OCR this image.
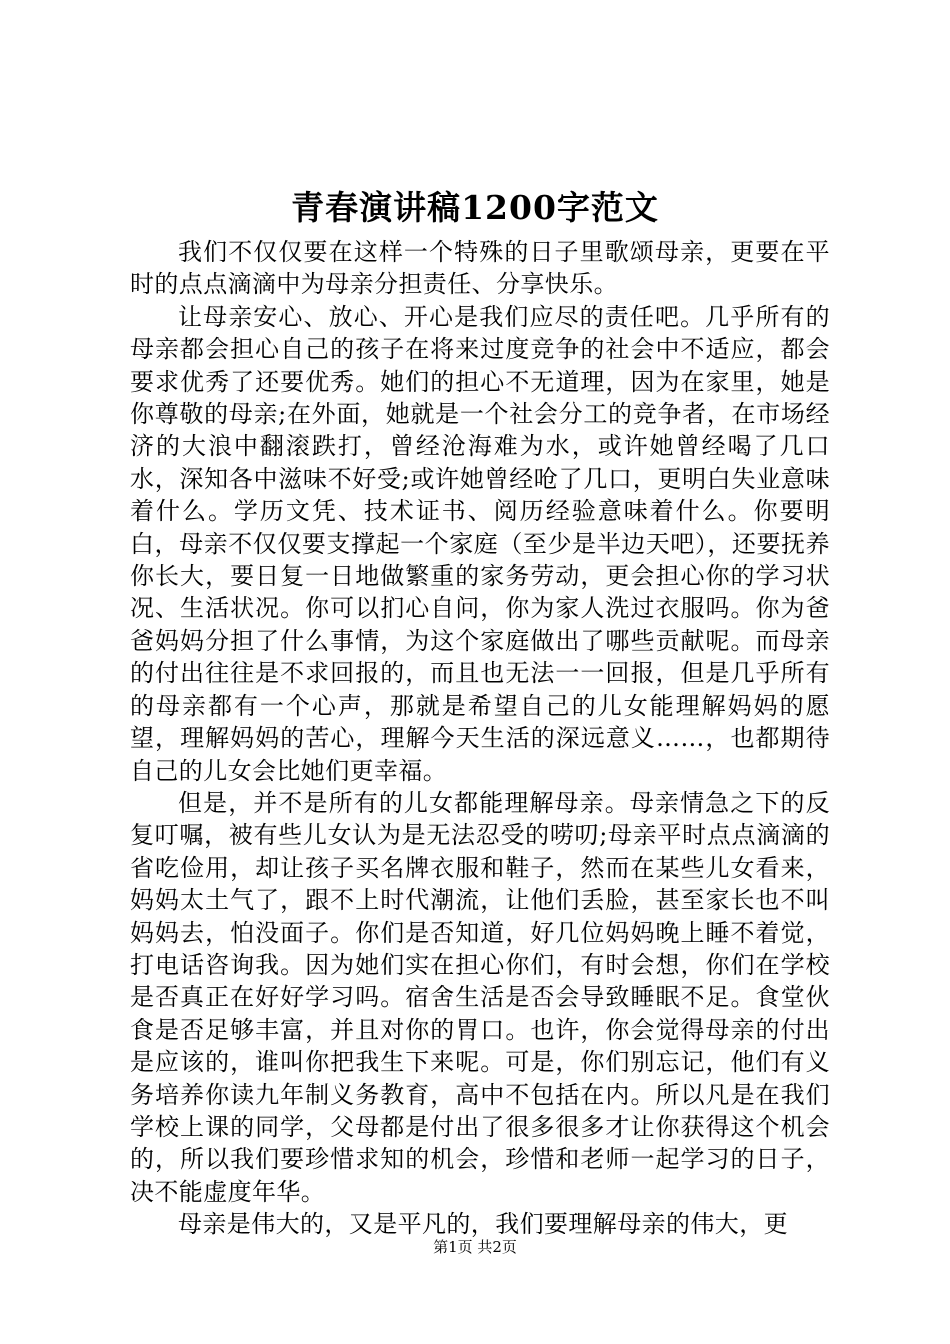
青春演讲稿1200字范文

我们不仅仅要在这样一个特殊的日子里歌颂母亲，更要在平时的点点滴滴中为母亲分担责任、分享快乐。

让母亲安心、放心、开心是我们应尽的责任吧。几乎所有的母亲都会担心自己的孩子在将来过度竞争的社会中不适应，都会要求优秀了还要优秀。她们的担心不无道理，因为在家里，她是你尊敬的母亲;在外面，她就是一个社会分工的竞争者，在市场经济的大浪中翻滚跌打，曾经沧海难为水，或许她曾经喝了几口水，深知各中滋味不好受;或许她曾经呛了几口，更明白失业意味着什么。学历文凭、技术证书、阅历经验意味着什么。你要明白，母亲不仅仅要支撑起一个家庭（至少是半边天吧），还要抚养你长大，要日复一日地做繁重的家务劳动，更会担心你的学习状况、生活状况。你可以扪心自问，你为家人洗过衣服吗。你为爸爸妈妈分担了什么事情，为这个家庭做出了哪些贡献呢。而母亲的付出往往是不求回报的，而且也无法一一回报，但是几乎所有的母亲都有一个心声，那就是希望自己的儿女能理解妈妈的愿望，理解妈妈的苦心，理解今天生活的深远意义……，也都期待自己的儿女会比她们更幸福。

但是，并不是所有的儿女都能理解母亲。母亲情急之下的反复叮嘱，被有些儿女认为是无法忍受的唠叨;母亲平时点点滴滴的省吃俭用，却让孩子买名牌衣服和鞋子，然而在某些儿女看来，妈妈太土气了，跟不上时代潮流，让他们丢脸，甚至家长也不叫妈妈去，怕没面子。你们是否知道，好几位妈妈晚上睡不着觉，打电话咨询我。因为她们实在担心你们，有时会想，你们在学校是否真正在好好学习吗。宿舍生活是否会导致睡眠不足。食堂伙食是否足够丰富，并且对你的胃口。也许，你会觉得母亲的付出是应该的，谁叫你把我生下来呢。可是，你们别忘记，他们有义务培养你读九年制义务教育，高中不包括在内。所以凡是在我们学校上课的同学，父母都是付出了很多很多才让你获得这个机会的，所以我们要珍惜求知的机会，珍惜和老师一起学习的日子，决不能虚度年华。

母亲是伟大的，又是平凡的，我们要理解母亲的伟大，更

第1页 共2页
